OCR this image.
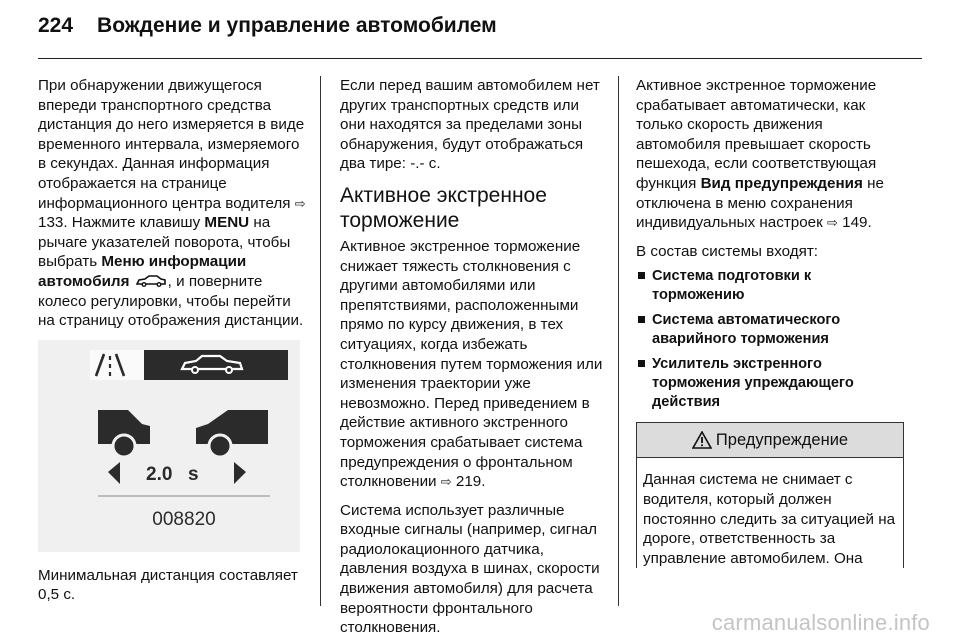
224 Вождение и управление автомобилем

При обнаружении движущегося впереди транспортного средства дистанция до него измеряется в виде временного интервала, измеряемого в секундах. Данная информация отображается на странице информационного центра водителя ⇨ 133. Нажмите клавишу MENU на рычаге указателей поворота, чтобы выбрать Меню информации автомобиля	, и поверните колесо регулировки, чтобы перейти на страницу отображения дистанции.

2.0 s
008820

Минимальная дистанция составляет 0,5 с.

Если перед вашим автомобилем нет других транспортных средств или они находятся за пределами зоны обнаружения, будут отображаться два тире: -.- с.

Активное экстренное торможение

Активное экстренное торможение снижает тяжесть столкновения с другими автомобилями или препятствиями, расположенными прямо по курсу движения, в тех ситуациях, когда избежать столкновения путем торможения или изменения траектории уже невозможно. Перед приведением в действие активного экстренного торможения срабатывает система предупреждения о фронтальном столкновении ⇨ 219.

Система использует различные входные сигналы (например, сигнал радиолокационного датчика, давления воздуха в шинах, скорости движения автомобиля) для расчета вероятности фронтального столкновения.

Активное экстренное торможение срабатывает автоматически, как только скорость движения автомобиля превышает скорость пешехода, если соответствующая функция Вид предупреждения не отключена в меню сохранения индивидуальных настроек ⇨ 149.

В состав системы входят:

Система подготовки к торможению
Система автоматического аварийного торможения
Усилитель экстренного торможения упреждающего действия
Предупреждение
Данная система не снимает с водителя, который должен постоянно следить за ситуацией на дороге, ответственность за управление автомобилем. Она
carmanualsonline.info
